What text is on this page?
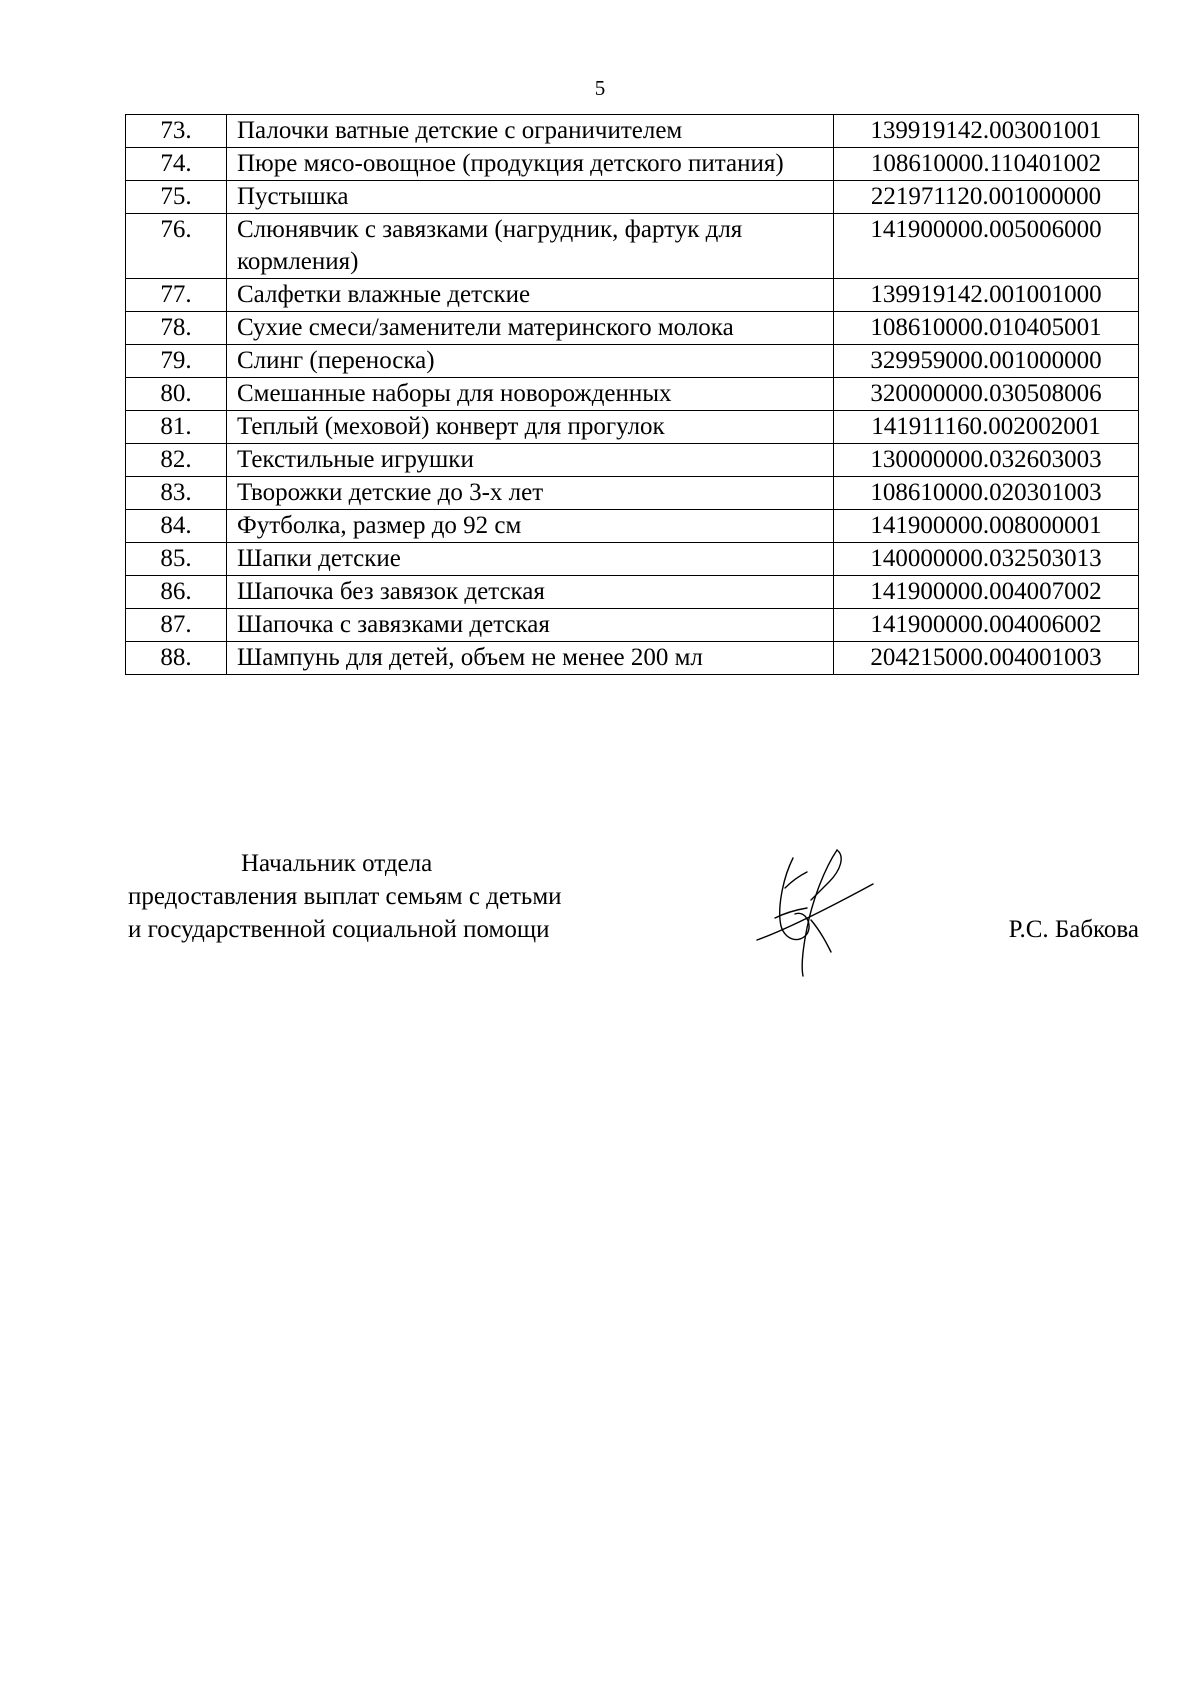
5
73.	Палочки ватные детские с ограничителем	139919142.003001001
74.	Пюре мясо-овощное (продукция детского питания)	108610000.110401002
75.	Пустышка	221971120.001000000
76.	Слюнявчик с завязками (нагрудник, фартук для кормления)	141900000.005006000
77.	Салфетки влажные детские	139919142.001001000
78.	Сухие смеси/заменители материнского молока	108610000.010405001
79.	Слинг (переноска)	329959000.001000000
80.	Смешанные наборы для новорожденных	320000000.030508006
81.	Теплый (меховой) конверт для прогулок	141911160.002002001
82.	Текстильные игрушки	130000000.032603003
83.	Творожки детские до 3-х лет	108610000.020301003
84.	Футболка, размер до 92 см	141900000.008000001
85.	Шапки детские	140000000.032503013
86.	Шапочка без завязок детская	141900000.004007002
87.	Шапочка с завязками детская	141900000.004006002
88.	Шампунь для детей, объем не менее 200 мл	204215000.004001003
Начальник отдела
предоставления выплат семьям с детьми
и государственной социальной помощи	Р.С. Бабкова
